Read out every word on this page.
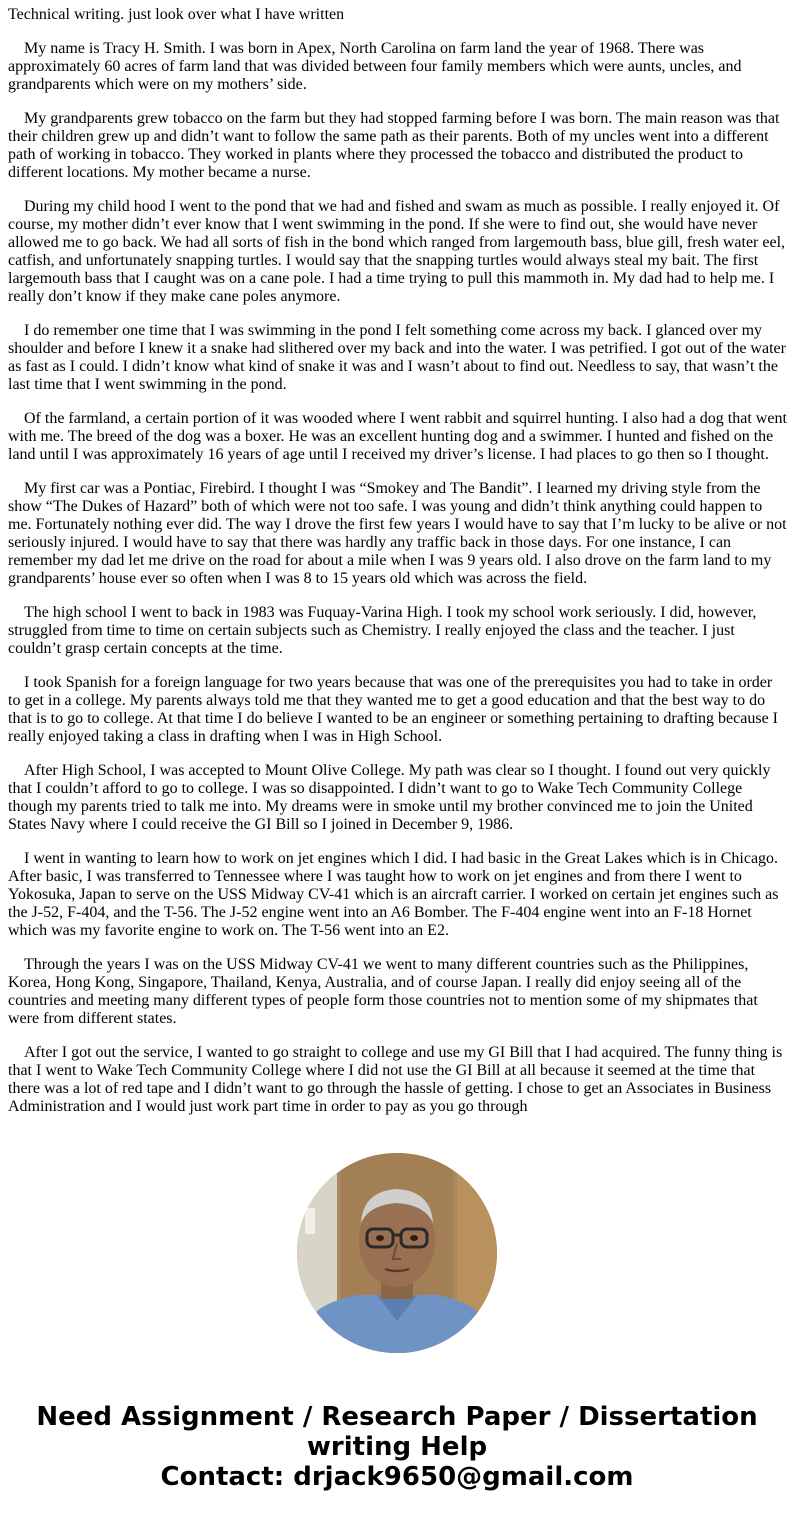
Technical writing. just look over what I have written

My name is Tracy H. Smith. I was born in Apex, North Carolina on farm land the year of 1968. There was approximately 60 acres of farm land that was divided between four family members which were aunts, uncles, and grandparents which were on my mothers’ side.

My grandparents grew tobacco on the farm but they had stopped farming before I was born. The main reason was that their children grew up and didn’t want to follow the same path as their parents. Both of my uncles went into a different path of working in tobacco. They worked in plants where they processed the tobacco and distributed the product to different locations. My mother became a nurse.

During my child hood I went to the pond that we had and fished and swam as much as possible. I really enjoyed it. Of course, my mother didn’t ever know that I went swimming in the pond. If she were to find out, she would have never allowed me to go back. We had all sorts of fish in the bond which ranged from largemouth bass, blue gill, fresh water eel, catfish, and unfortunately snapping turtles. I would say that the snapping turtles would always steal my bait. The first largemouth bass that I caught was on a cane pole. I had a time trying to pull this mammoth in. My dad had to help me. I really don’t know if they make cane poles anymore.

I do remember one time that I was swimming in the pond I felt something come across my back. I glanced over my shoulder and before I knew it a snake had slithered over my back and into the water. I was petrified. I got out of the water as fast as I could. I didn’t know what kind of snake it was and I wasn’t about to find out. Needless to say, that wasn’t the last time that I went swimming in the pond.

Of the farmland, a certain portion of it was wooded where I went rabbit and squirrel hunting. I also had a dog that went with me. The breed of the dog was a boxer. He was an excellent hunting dog and a swimmer. I hunted and fished on the land until I was approximately 16 years of age until I received my driver’s license. I had places to go then so I thought.

My first car was a Pontiac, Firebird. I thought I was “Smokey and The Bandit”. I learned my driving style from the show “The Dukes of Hazard” both of which were not too safe. I was young and didn’t think anything could happen to me. Fortunately nothing ever did. The way I drove the first few years I would have to say that I’m lucky to be alive or not seriously injured. I would have to say that there was hardly any traffic back in those days. For one instance, I can remember my dad let me drive on the road for about a mile when I was 9 years old. I also drove on the farm land to my grandparents’ house ever so often when I was 8 to 15 years old which was across the field.

The high school I went to back in 1983 was Fuquay-Varina High. I took my school work seriously. I did, however, struggled from time to time on certain subjects such as Chemistry. I really enjoyed the class and the teacher. I just couldn’t grasp certain concepts at the time.

I took Spanish for a foreign language for two years because that was one of the prerequisites you had to take in order to get in a college. My parents always told me that they wanted me to get a good education and that the best way to do that is to go to college. At that time I do believe I wanted to be an engineer or something pertaining to drafting because I really enjoyed taking a class in drafting when I was in High School.

After High School, I was accepted to Mount Olive College. My path was clear so I thought. I found out very quickly that I couldn’t afford to go to college. I was so disappointed. I didn’t want to go to Wake Tech Community College though my parents tried to talk me into. My dreams were in smoke until my brother convinced me to join the United States Navy where I could receive the GI Bill so I joined in December 9, 1986.

I went in wanting to learn how to work on jet engines which I did. I had basic in the Great Lakes which is in Chicago. After basic, I was transferred to Tennessee where I was taught how to work on jet engines and from there I went to Yokosuka, Japan to serve on the USS Midway CV-41 which is an aircraft carrier. I worked on certain jet engines such as the J-52, F-404, and the T-56. The J-52 engine went into an A6 Bomber. The F-404 engine went into an F-18 Hornet which was my favorite engine to work on. The T-56 went into an E2.

Through the years I was on the USS Midway CV-41 we went to many different countries such as the Philippines, Korea, Hong Kong, Singapore, Thailand, Kenya, Australia, and of course Japan. I really did enjoy seeing all of the countries and meeting many different types of people form those countries not to mention some of my shipmates that were from different states.

After I got out the service, I wanted to go straight to college and use my GI Bill that I had acquired. The funny thing is that I went to Wake Tech Community College where I did not use the GI Bill at all because it seemed at the time that there was a lot of red tape and I didn’t want to go through the hassle of getting. I chose to get an Associates in Business Administration and I would just work part time in order to pay as you go through

Need Assignment / Research Paper / Dissertation writing Help
Contact: drjack9650@gmail.com
